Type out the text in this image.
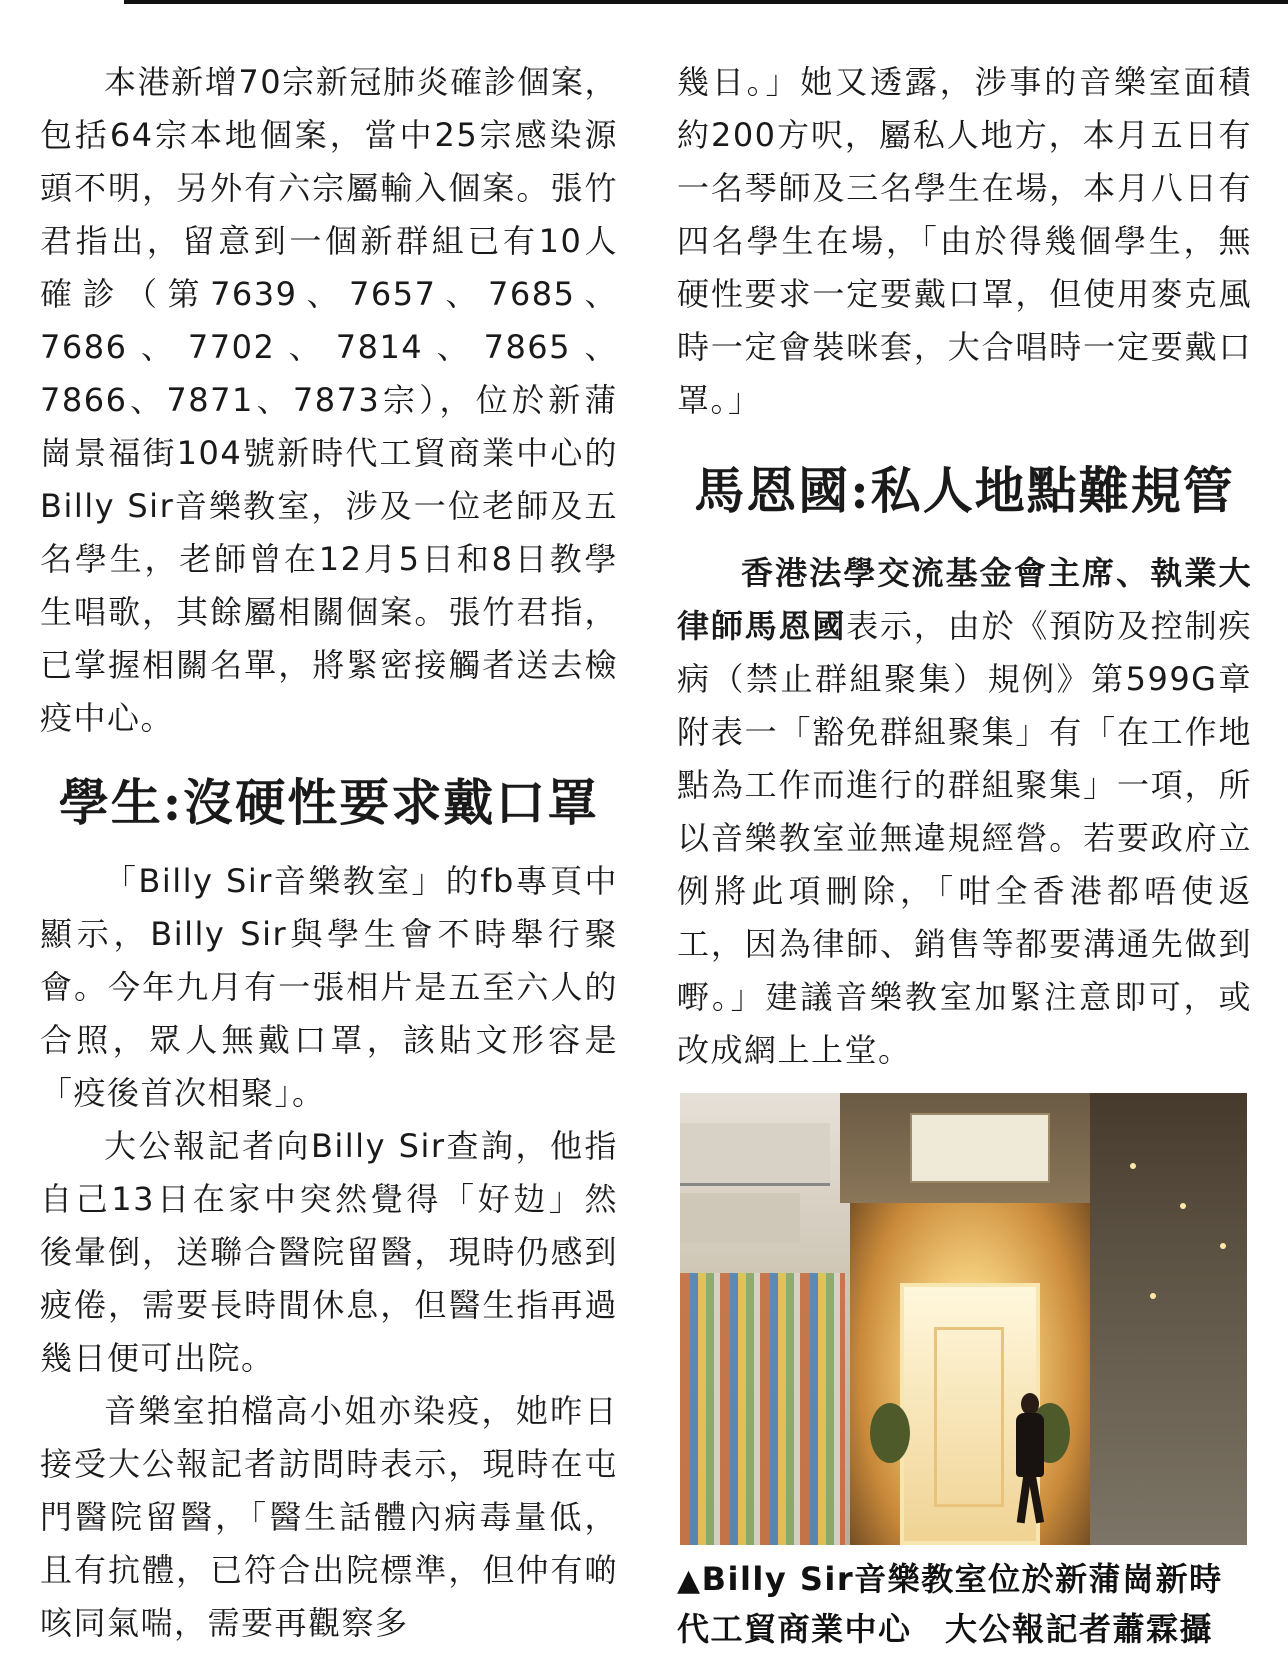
本港新增70宗新冠肺炎確診個案，包括64宗本地個案，當中25宗感染源頭不明，另外有六宗屬輸入個案。張竹君指出，留意到一個新群組已有10人確診（第7639、7657、7685、7686、7702、7814、7865、7866、7871、7873宗），位於新蒲崗景福街104號新時代工貿商業中心的Billy Sir音樂教室，涉及一位老師及五名學生，老師曾在12月5日和8日教學生唱歌，其餘屬相關個案。張竹君指，已掌握相關名單，將緊密接觸者送去檢疫中心。

學生:沒硬性要求戴口罩

「Billy Sir音樂教室」的fb專頁中顯示，Billy Sir與學生會不時舉行聚會。今年九月有一張相片是五至六人的合照，眾人無戴口罩，該貼文形容是「疫後首次相聚」。

大公報記者向Billy Sir查詢，他指自己13日在家中突然覺得「好攰」然後暈倒，送聯合醫院留醫，現時仍感到疲倦，需要長時間休息，但醫生指再過幾日便可出院。

音樂室拍檔高小姐亦染疫，她昨日接受大公報記者訪問時表示，現時在屯門醫院留醫，「醫生話體內病毒量低，且有抗體，已符合出院標準，但仲有啲咳同氣喘，需要再觀察多

幾日。」她又透露，涉事的音樂室面積約200方呎，屬私人地方，本月五日有一名琴師及三名學生在場，本月八日有四名學生在場，「由於得幾個學生，無硬性要求一定要戴口罩，但使用麥克風時一定會裝咪套，大合唱時一定要戴口罩。」

馬恩國:私人地點難規管

香港法學交流基金會主席、執業大律師馬恩國表示，由於《預防及控制疾病（禁止群組聚集）規例》第599G章附表一「豁免群組聚集」有「在工作地點為工作而進行的群組聚集」一項，所以音樂教室並無違規經營。若要政府立例將此項刪除，「咁全香港都唔使返工，因為律師、銷售等都要溝通先做到嘢。」建議音樂教室加緊注意即可，或改成網上上堂。

▲Billy Sir音樂教室位於新蒲崗新時代工貿商業中心　大公報記者蕭霖攝
